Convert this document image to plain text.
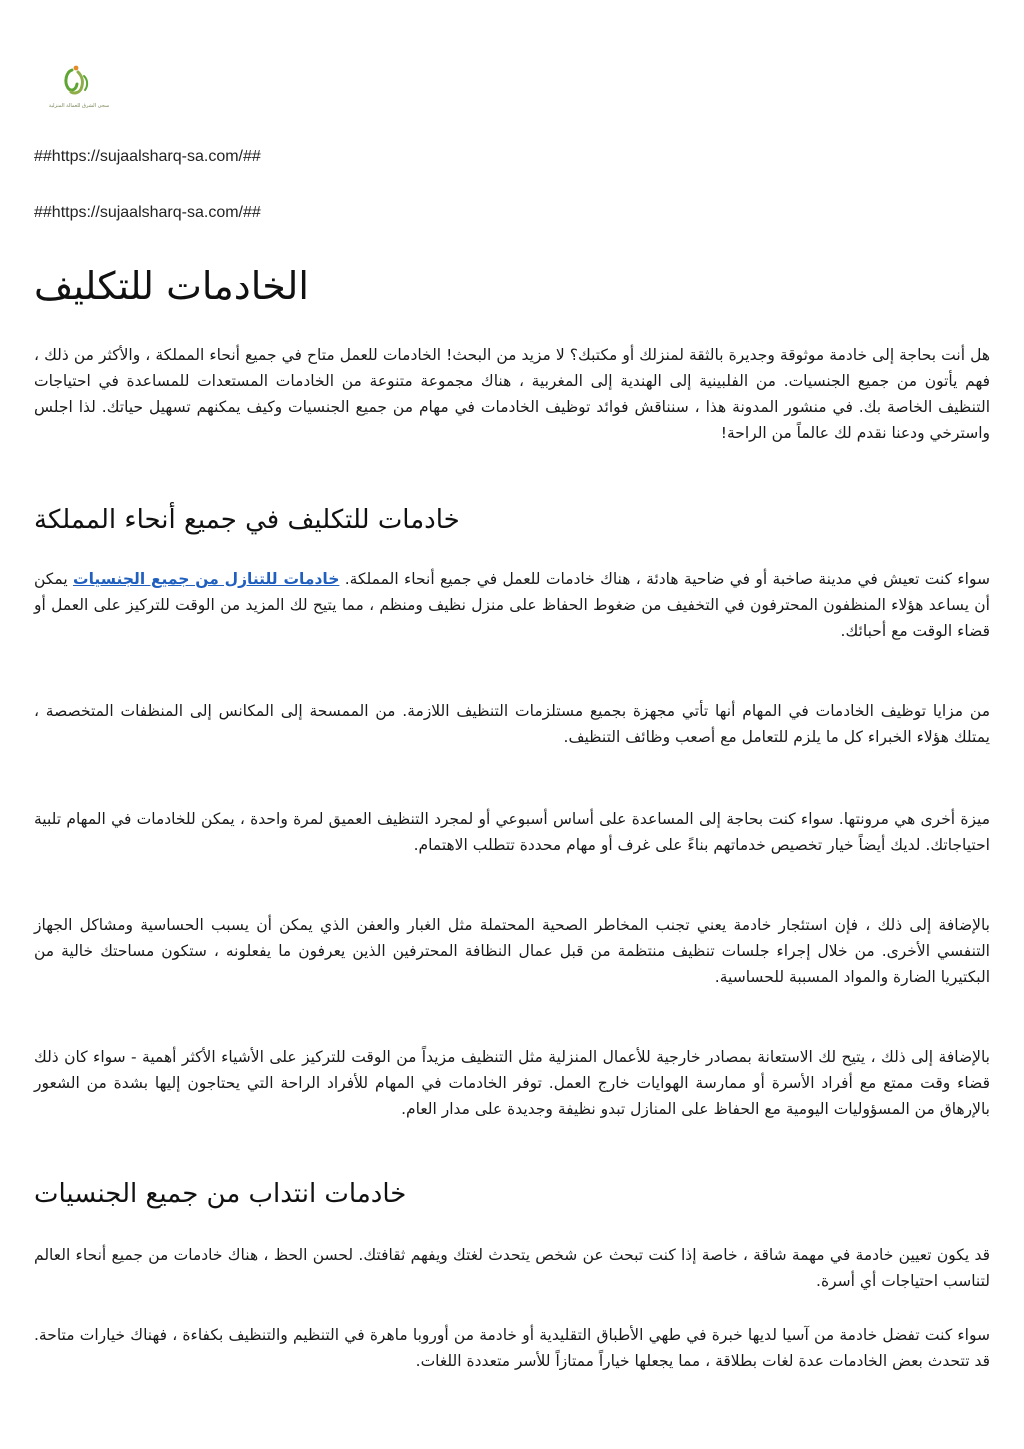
سجى الشرق للعمالة المنزلية
##https://sujaalsharq-sa.com/##
##https://sujaalsharq-sa.com/##
الخادمات للتكليف

هل أنت بحاجة إلى خادمة موثوقة وجديرة بالثقة لمنزلك أو مكتبك؟ لا مزيد من البحث! الخادمات للعمل متاح في جميع أنحاء المملكة ، والأكثر من ذلك ، فهم يأتون من جميع الجنسيات. من الفلبينية إلى الهندية إلى المغربية ، هناك مجموعة متنوعة من الخادمات المستعدات للمساعدة في احتياجات التنظيف الخاصة بك. في منشور المدونة هذا ، سنناقش فوائد توظيف الخادمات في مهام من جميع الجنسيات وكيف يمكنهم تسهيل حياتك. لذا اجلس واسترخي ودعنا نقدم لك عالماً من الراحة!

خادمات للتكليف في جميع أنحاء المملكة

سواء كنت تعيش في مدينة صاخبة أو في ضاحية هادئة ، هناك خادمات للعمل في جميع أنحاء المملكة. خادمات للتنازل من جميع الجنسيات يمكن أن يساعد هؤلاء المنظفون المحترفون في التخفيف من ضغوط الحفاظ على منزل نظيف ومنظم ، مما يتيح لك المزيد من الوقت للتركيز على العمل أو قضاء الوقت مع أحبائك.

من مزايا توظيف الخادمات في المهام أنها تأتي مجهزة بجميع مستلزمات التنظيف اللازمة. من الممسحة إلى المكانس إلى المنظفات المتخصصة ، يمتلك هؤلاء الخبراء كل ما يلزم للتعامل مع أصعب وظائف التنظيف.

ميزة أخرى هي مرونتها. سواء كنت بحاجة إلى المساعدة على أساس أسبوعي أو لمجرد التنظيف العميق لمرة واحدة ، يمكن للخادمات في المهام تلبية احتياجاتك. لديك أيضاً خيار تخصيص خدماتهم بناءً على غرف أو مهام محددة تتطلب الاهتمام.

بالإضافة إلى ذلك ، فإن استئجار خادمة يعني تجنب المخاطر الصحية المحتملة مثل الغبار والعفن الذي يمكن أن يسبب الحساسية ومشاكل الجهاز التنفسي الأخرى. من خلال إجراء جلسات تنظيف منتظمة من قبل عمال النظافة المحترفين الذين يعرفون ما يفعلونه ، ستكون مساحتك خالية من البكتيريا الضارة والمواد المسببة للحساسية.

بالإضافة إلى ذلك ، يتيح لك الاستعانة بمصادر خارجية للأعمال المنزلية مثل التنظيف مزيداً من الوقت للتركيز على الأشياء الأكثر أهمية - سواء كان ذلك قضاء وقت ممتع مع أفراد الأسرة أو ممارسة الهوايات خارج العمل. توفر الخادمات في المهام للأفراد الراحة التي يحتاجون إليها بشدة من الشعور بالإرهاق من المسؤوليات اليومية مع الحفاظ على المنازل تبدو نظيفة وجديدة على مدار العام.

خادمات انتداب من جميع الجنسيات

قد يكون تعيين خادمة في مهمة شاقة ، خاصة إذا كنت تبحث عن شخص يتحدث لغتك ويفهم ثقافتك. لحسن الحظ ، هناك خادمات من جميع أنحاء العالم لتناسب احتياجات أي أسرة.

سواء كنت تفضل خادمة من آسيا لديها خبرة في طهي الأطباق التقليدية أو خادمة من أوروبا ماهرة في التنظيم والتنظيف بكفاءة ، فهناك خيارات متاحة. قد تتحدث بعض الخادمات عدة لغات بطلاقة ، مما يجعلها خياراً ممتازاً للأسر متعددة اللغات.
